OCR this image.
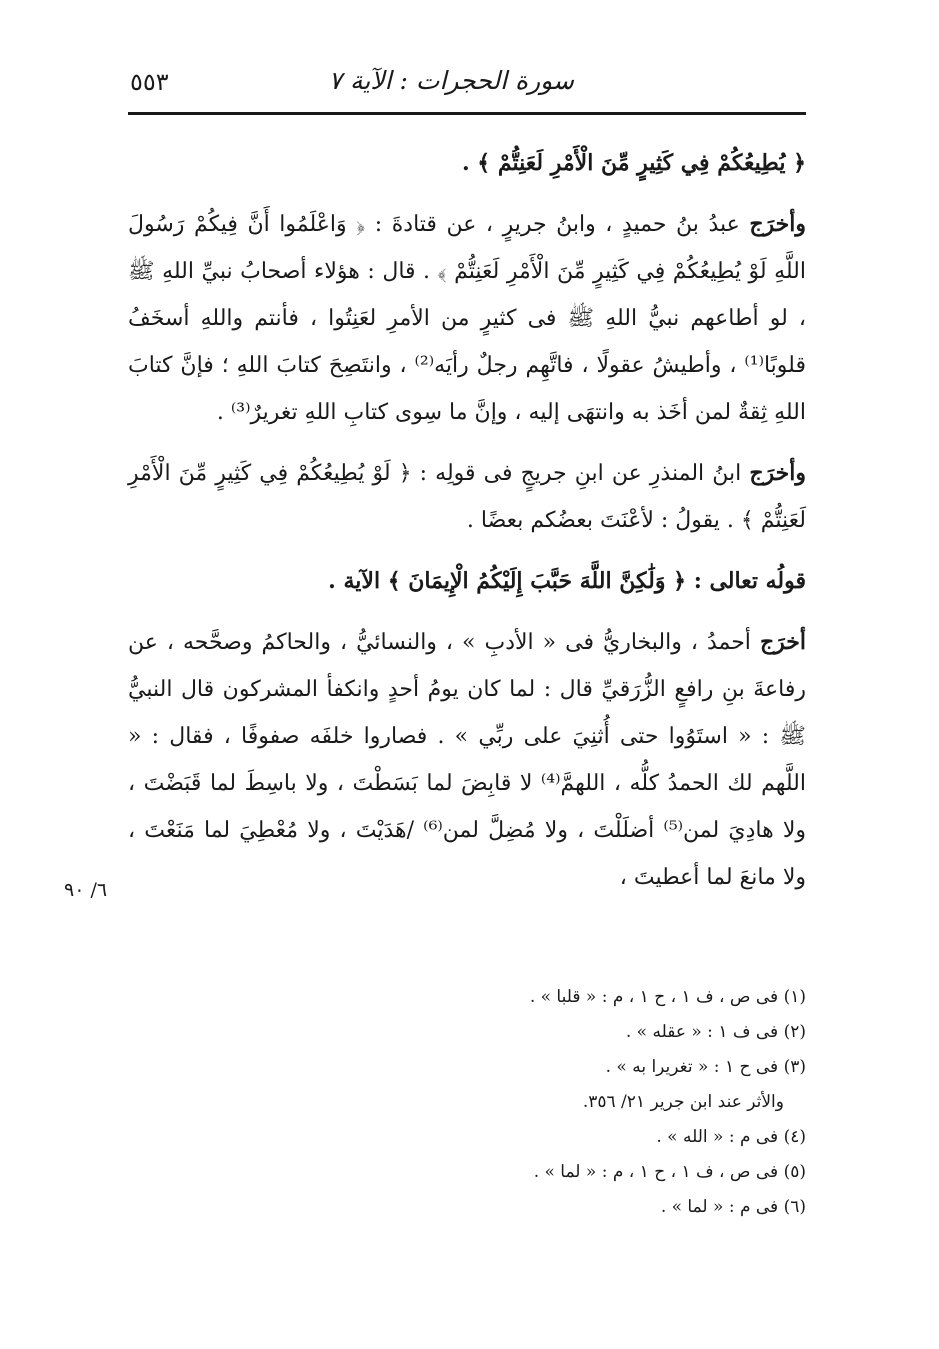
٥٥٣	سورة الحجرات : الآية ٧

﴿ يُطِيعُكُمْ فِي كَثِيرٍ مِّنَ الْأَمْرِ لَعَنِتُّمْ ﴾ .

وأخرَج عبدُ بنُ حميدٍ ، وابنُ جريرٍ ، عن قتادةَ : ﴿ وَاعْلَمُوا أَنَّ فِيكُمْ رَسُولَ اللَّهِ لَوْ يُطِيعُكُمْ فِي كَثِيرٍ مِّنَ الْأَمْرِ لَعَنِتُّمْ ﴾ . قال : هؤلاء أصحابُ نبيِّ اللهِ ﷺ ، لو أطاعهم نبيُّ اللهِ ﷺ فى كثيرٍ من الأمرِ لعَنِتُوا ، فأنتم واللهِ أسخَفُ قلوبًا⁽¹⁾ ، وأطيشُ عقولًا ، فاتَّهِم رجلٌ رأيَه⁽²⁾ ، وانتَصِحَ كتابَ اللهِ ؛ فإنَّ كتابَ اللهِ ثِقةٌ لمن أخَذ به وانتهَى إليه ، وإنَّ ما سِوى كتابِ اللهِ تغريرٌ⁽³⁾ .

وأخرَج ابنُ المنذرِ عن ابنِ جريجٍ فى قولِه : ﴿ لَوْ يُطِيعُكُمْ فِي كَثِيرٍ مِّنَ الْأَمْرِ لَعَنِتُّمْ ﴾ . يقولُ : لأعْنَتَ بعضُكم بعضًا .

قولُه تعالى : ﴿ وَلَٰكِنَّ اللَّهَ حَبَّبَ إِلَيْكُمُ الْإِيمَانَ ﴾ الآية .

أخرَج أحمدُ ، والبخاريُّ فى « الأدبِ » ، والنسائيُّ ، والحاكمُ وصحَّحه ، عن رفاعةَ بنِ رافعٍ الزُّرَقيِّ قال : لما كان يومُ أحدٍ وانكفأ المشركون قال النبيُّ ﷺ : « استَوُوا حتى أُثنِيَ على ربِّي » . فصاروا خلفَه صفوفًا ، فقال : « اللَّهم لك الحمدُ كلُّه ، اللهمَّ⁽⁴⁾ لا قابِضَ لما بَسَطْتَ ، ولا باسِطَ لما قَبَضْتَ ، ولا هادِيَ لمن⁽⁵⁾ أضلَلْتَ ، ولا مُضِلَّ لمن⁽⁶⁾ /هَدَيْتَ ، ولا مُعْطِيَ لما مَنَعْتَ ، ولا مانعَ لما أعطيتَ ،

٦/ ٩٠
(١) فى ص ، ف ١ ، ح ١ ، م : « قلبا » .
(٢) فى ف ١ : « عقله » .
(٣) فى ح ١ : « تغريرا به » .
والأثر عند ابن جرير ٢١/ ٣٥٦.
(٤) فى م : « الله » .
(٥) فى ص ، ف ١ ، ح ١ ، م : « لما » .
(٦) فى م : « لما » .
